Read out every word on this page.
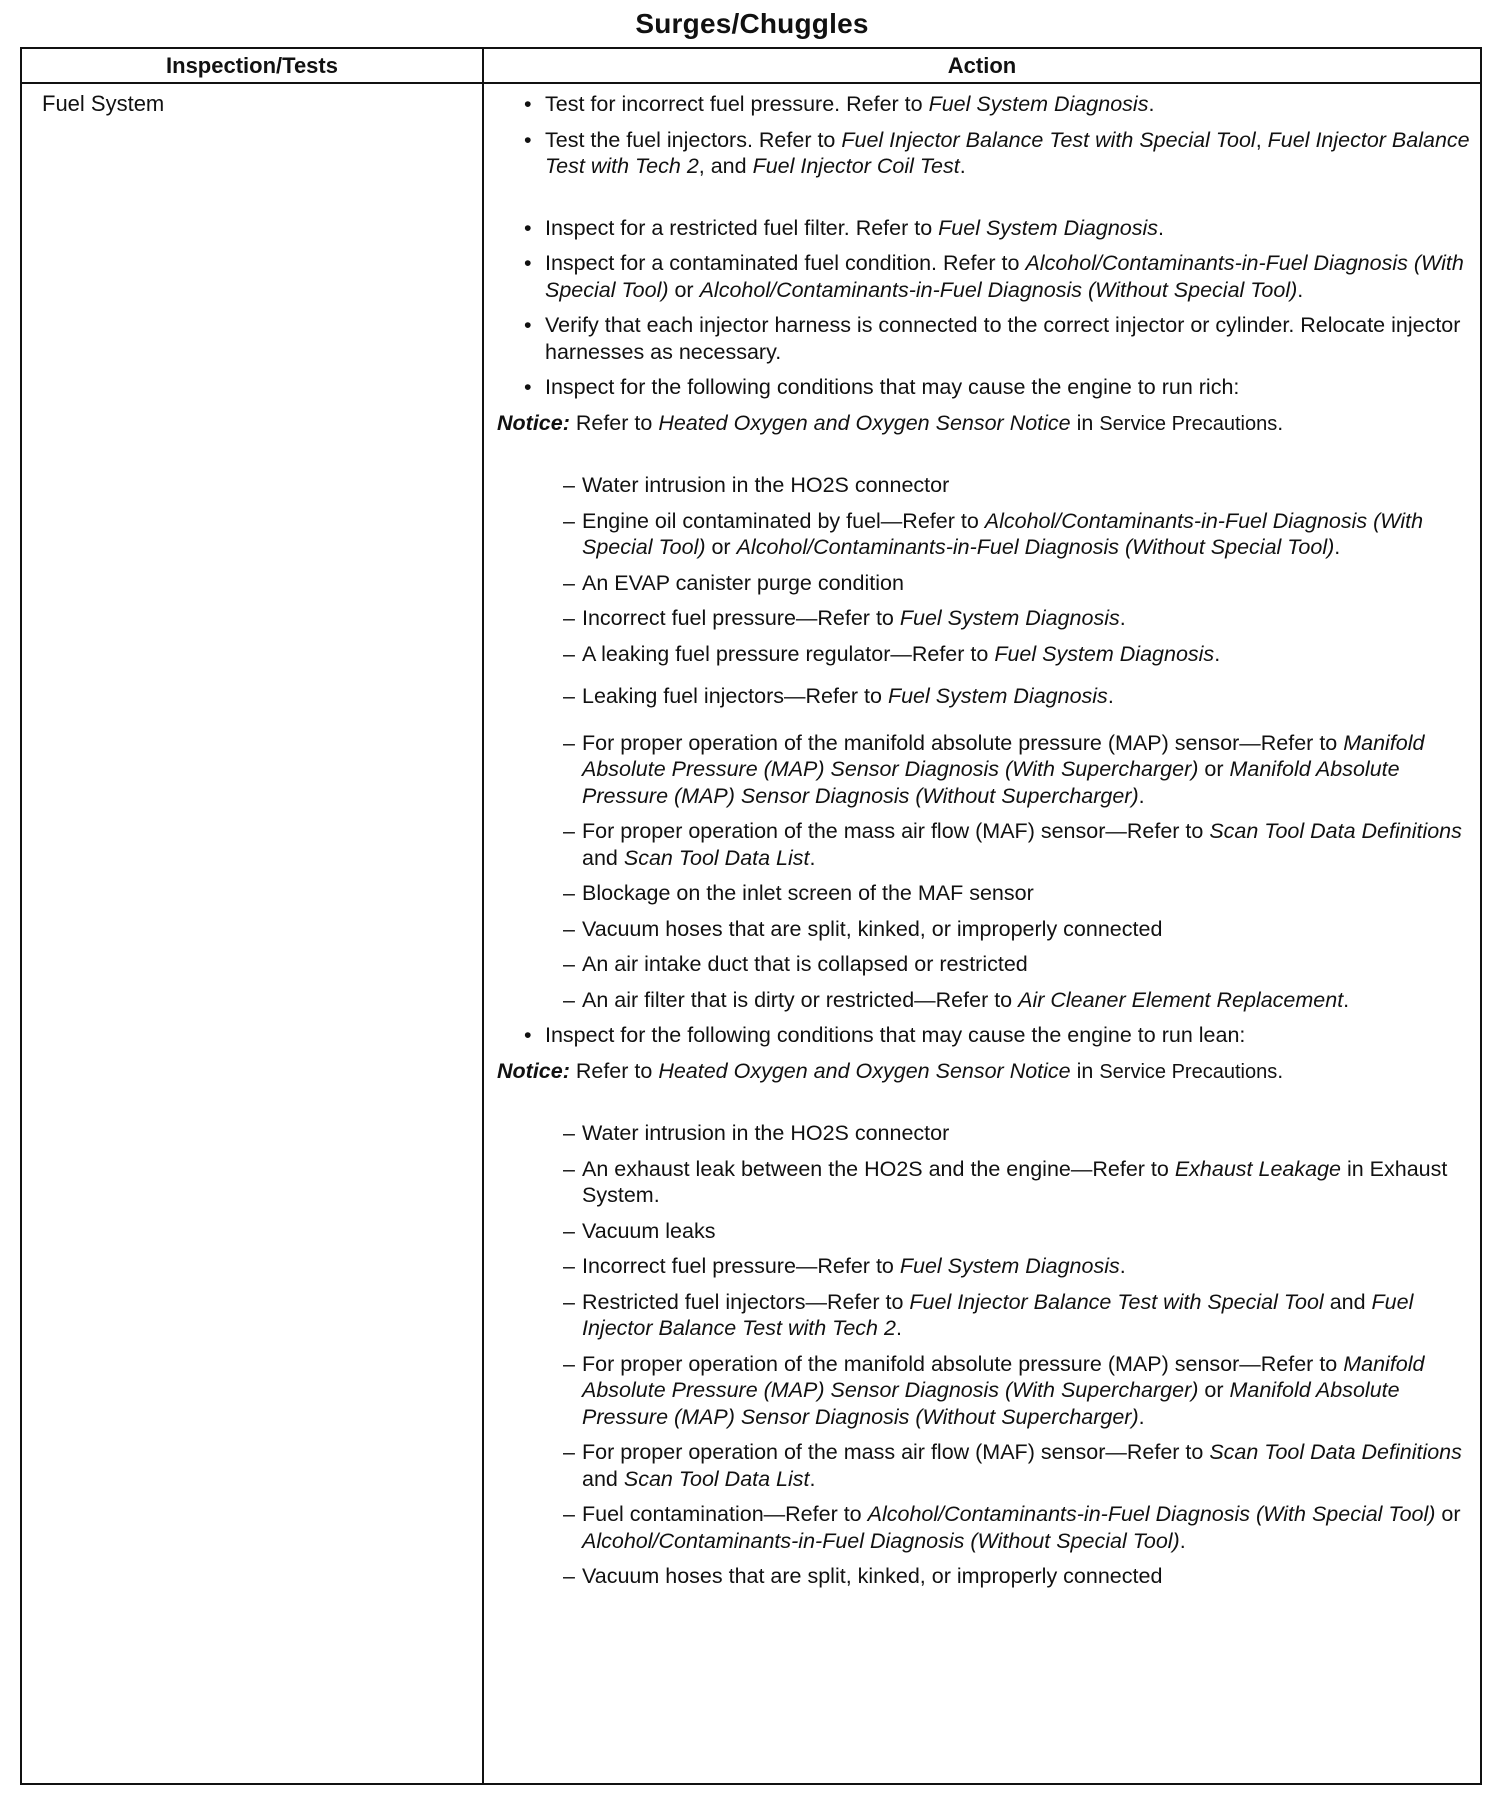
Surges/Chuggles
Inspection/Tests	Action
Fuel System
•	Test for incorrect fuel pressure. Refer to Fuel System Diagnosis.
• Test the fuel injectors. Refer to Fuel Injector Balance Test with Special Tool, Fuel Injector Balance Test with Tech 2, and Fuel Injector Coil Test.
• Inspect for a restricted fuel filter. Refer to Fuel System Diagnosis.
• Inspect for a contaminated fuel condition. Refer to Alcohol/Contaminants-in-Fuel Diagnosis (With Special Tool) or Alcohol/Contaminants-in-Fuel Diagnosis (Without Special Tool).
• Verify that each injector harness is connected to the correct injector or cylinder. Relocate injector harnesses as necessary.
• Inspect for the following conditions that may cause the engine to run rich:
Notice: Refer to Heated Oxygen and Oxygen Sensor Notice in Service Precautions.
– Water intrusion in the HO2S connector
– Engine oil contaminated by fuel—Refer to Alcohol/Contaminants-in-Fuel Diagnosis (With Special Tool) or Alcohol/Contaminants-in-Fuel Diagnosis (Without Special Tool).
– An EVAP canister purge condition
– Incorrect fuel pressure—Refer to Fuel System Diagnosis.
– A leaking fuel pressure regulator—Refer to Fuel System Diagnosis.
– Leaking fuel injectors—Refer to Fuel System Diagnosis.
– For proper operation of the manifold absolute pressure (MAP) sensor—Refer to Manifold Absolute Pressure (MAP) Sensor Diagnosis (With Supercharger) or Manifold Absolute Pressure (MAP) Sensor Diagnosis (Without Supercharger).
– For proper operation of the mass air flow (MAF) sensor—Refer to Scan Tool Data Definitions and Scan Tool Data List.
– Blockage on the inlet screen of the MAF sensor
– Vacuum hoses that are split, kinked, or improperly connected
– An air intake duct that is collapsed or restricted
– An air filter that is dirty or restricted—Refer to Air Cleaner Element Replacement.
• Inspect for the following conditions that may cause the engine to run lean:
Notice: Refer to Heated Oxygen and Oxygen Sensor Notice in Service Precautions.
– Water intrusion in the HO2S connector
– An exhaust leak between the HO2S and the engine—Refer to Exhaust Leakage in Exhaust System.
– Vacuum leaks
– Incorrect fuel pressure—Refer to Fuel System Diagnosis.
– Restricted fuel injectors—Refer to Fuel Injector Balance Test with Special Tool and Fuel Injector Balance Test with Tech 2.
– For proper operation of the manifold absolute pressure (MAP) sensor—Refer to Manifold Absolute Pressure (MAP) Sensor Diagnosis (With Supercharger) or Manifold Absolute Pressure (MAP) Sensor Diagnosis (Without Supercharger).
– For proper operation of the mass air flow (MAF) sensor—Refer to Scan Tool Data Definitions and Scan Tool Data List.
– Fuel contamination—Refer to Alcohol/Contaminants-in-Fuel Diagnosis (With Special Tool) or Alcohol/Contaminants-in-Fuel Diagnosis (Without Special Tool).
– Vacuum hoses that are split, kinked, or improperly connected
